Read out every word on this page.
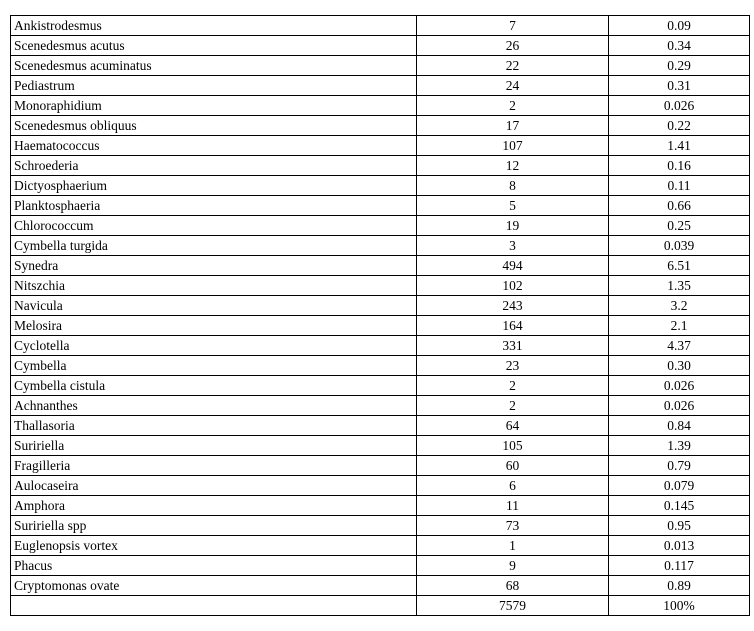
Ankistrodesmus	7	0.09
Scenedesmus acutus	26	0.34
Scenedesmus acuminatus	22	0.29
Pediastrum	24	0.31
Monoraphidium	2	0.026
Scenedesmus obliquus	17	0.22
Haematococcus	107	1.41
Schroederia	12	0.16
Dictyosphaerium	8	0.11
Planktosphaeria	5	0.66
Chlorococcum	19	0.25
Cymbella turgida	3	0.039
Synedra	494	6.51
Nitszchia	102	1.35
Navicula	243	3.2
Melosira	164	2.1
Cyclotella	331	4.37
Cymbella	23	0.30
Cymbella cistula	2	0.026
Achnanthes	2	0.026
Thallasoria	64	0.84
Suririella	105	1.39
Fragilleria	60	0.79
Aulocaseira	6	0.079
Amphora	11	0.145
Suririella spp	73	0.95
Euglenopsis vortex	1	0.013
Phacus	9	0.117
Cryptomonas ovate	68	0.89
	7579	100%
